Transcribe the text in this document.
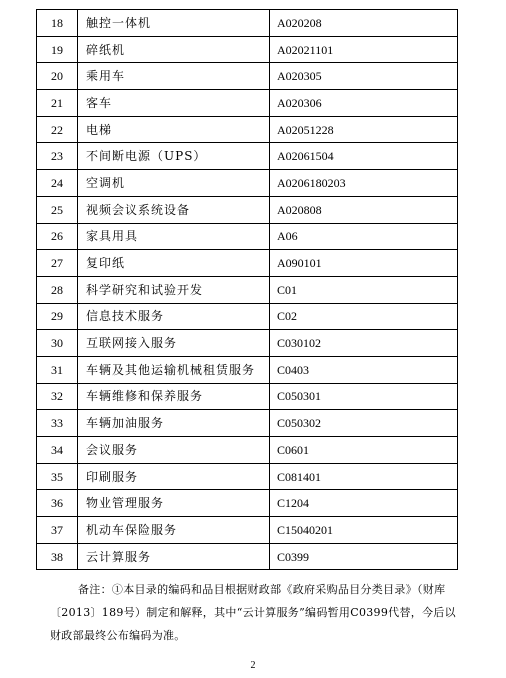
18	触控一体机	A020208
19	碎纸机	A02021101
20	乘用车	A020305
21	客车	A020306
22	电梯	A02051228
23	不间断电源（UPS）	A02061504
24	空调机	A0206180203
25	视频会议系统设备	A020808
26	家具用具	A06
27	复印纸	A090101
28	科学研究和试验开发	C01
29	信息技术服务	C02
30	互联网接入服务	C030102
31	车辆及其他运输机械租赁服务	C0403
32	车辆维修和保养服务	C050301
33	车辆加油服务	C050302
34	会议服务	C0601
35	印刷服务	C081401
36	物业管理服务	C1204
37	机动车保险服务	C15040201
38	云计算服务	C0399

备注：①本目录的编码和品目根据财政部《政府采购品目分类目录》（财库〔2013〕189号）制定和解释，其中“云计算服务”编码暂用C0399代替，今后以财政部最终公布编码为准。

2
